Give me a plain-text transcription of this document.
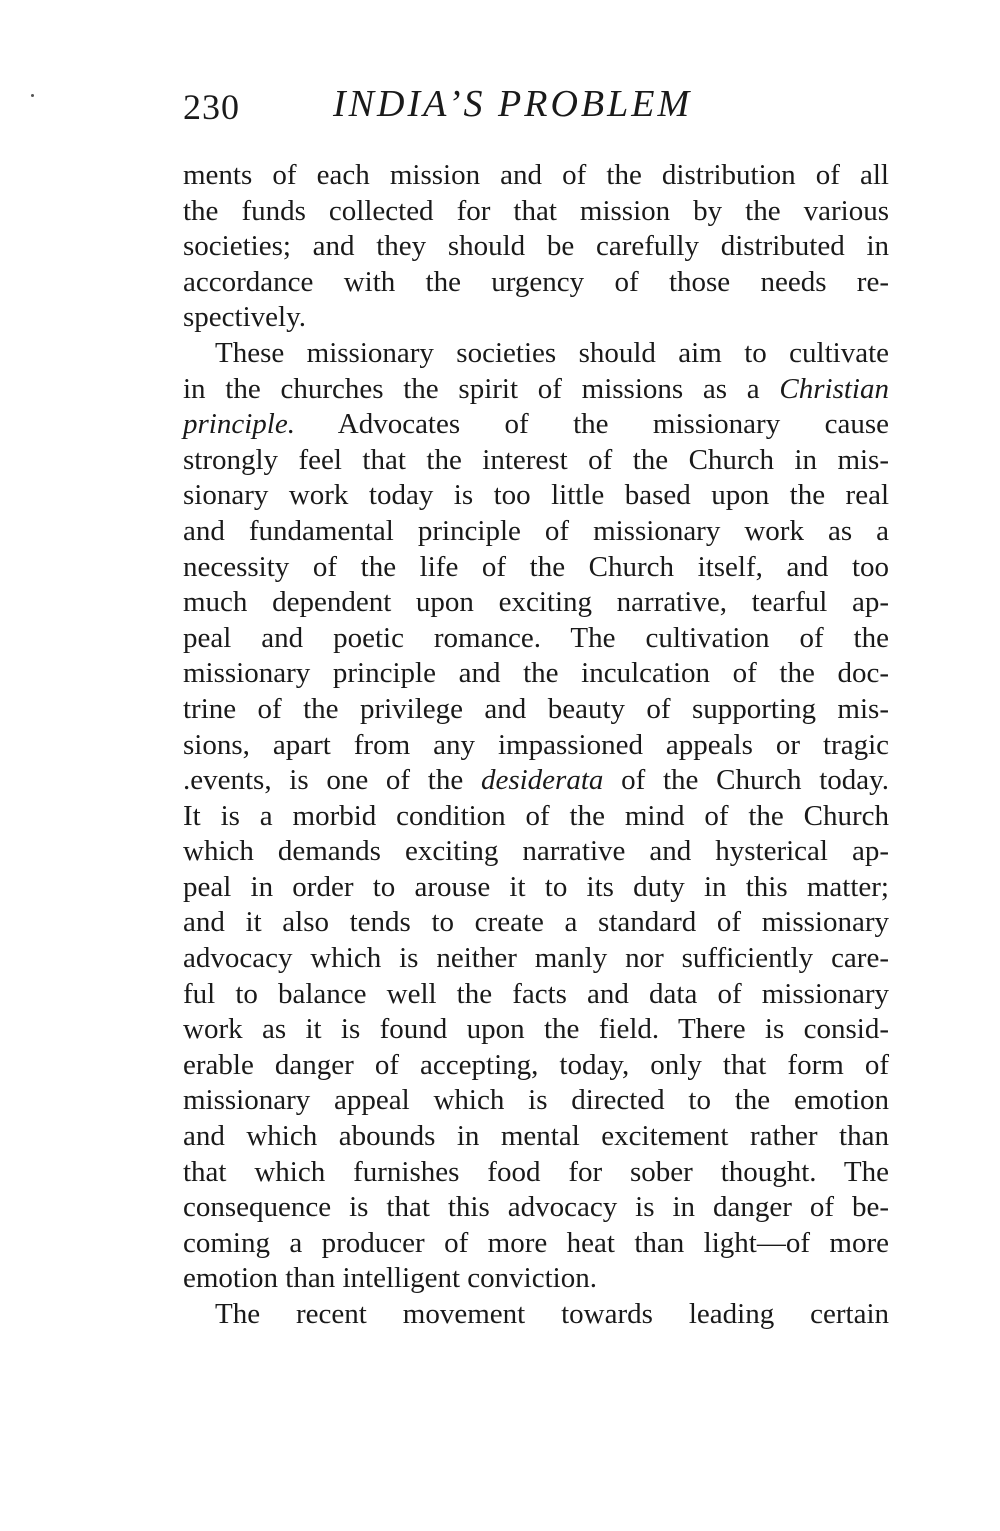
230 INDIA’S PROBLEM
ments of each mission and of the distribution of all
the funds collected for that mission by the various
societies; and they should be carefully distributed in
accordance with the urgency of those needs re-
spectively.
These missionary societies should aim to cultivate
in the churches the spirit of missions as a Christian
principle. Advocates of the missionary cause
strongly feel that the interest of the Church in mis-
sionary work today is too little based upon the real
and fundamental principle of missionary work as a
necessity of the life of the Church itself, and too
much dependent upon exciting narrative, tearful ap-
peal and poetic romance. The cultivation of the
missionary principle and the inculcation of the doc-
trine of the privilege and beauty of supporting mis-
sions, apart from any impassioned appeals or tragic
.events, is one of the desiderata of the Church today.
It is a morbid condition of the mind of the Church
which demands exciting narrative and hysterical ap-
peal in order to arouse it to its duty in this matter;
and it also tends to create a standard of missionary
advocacy which is neither manly nor sufficiently care-
ful to balance well the facts and data of missionary
work as it is found upon the field. There is consid-
erable danger of accepting, today, only that form of
missionary appeal which is directed to the emotion
and which abounds in mental excitement rather than
that which furnishes food for sober thought. The
consequence is that this advocacy is in danger of be-
coming a producer of more heat than light—of more
emotion than intelligent conviction.
The recent movement towards leading certain
